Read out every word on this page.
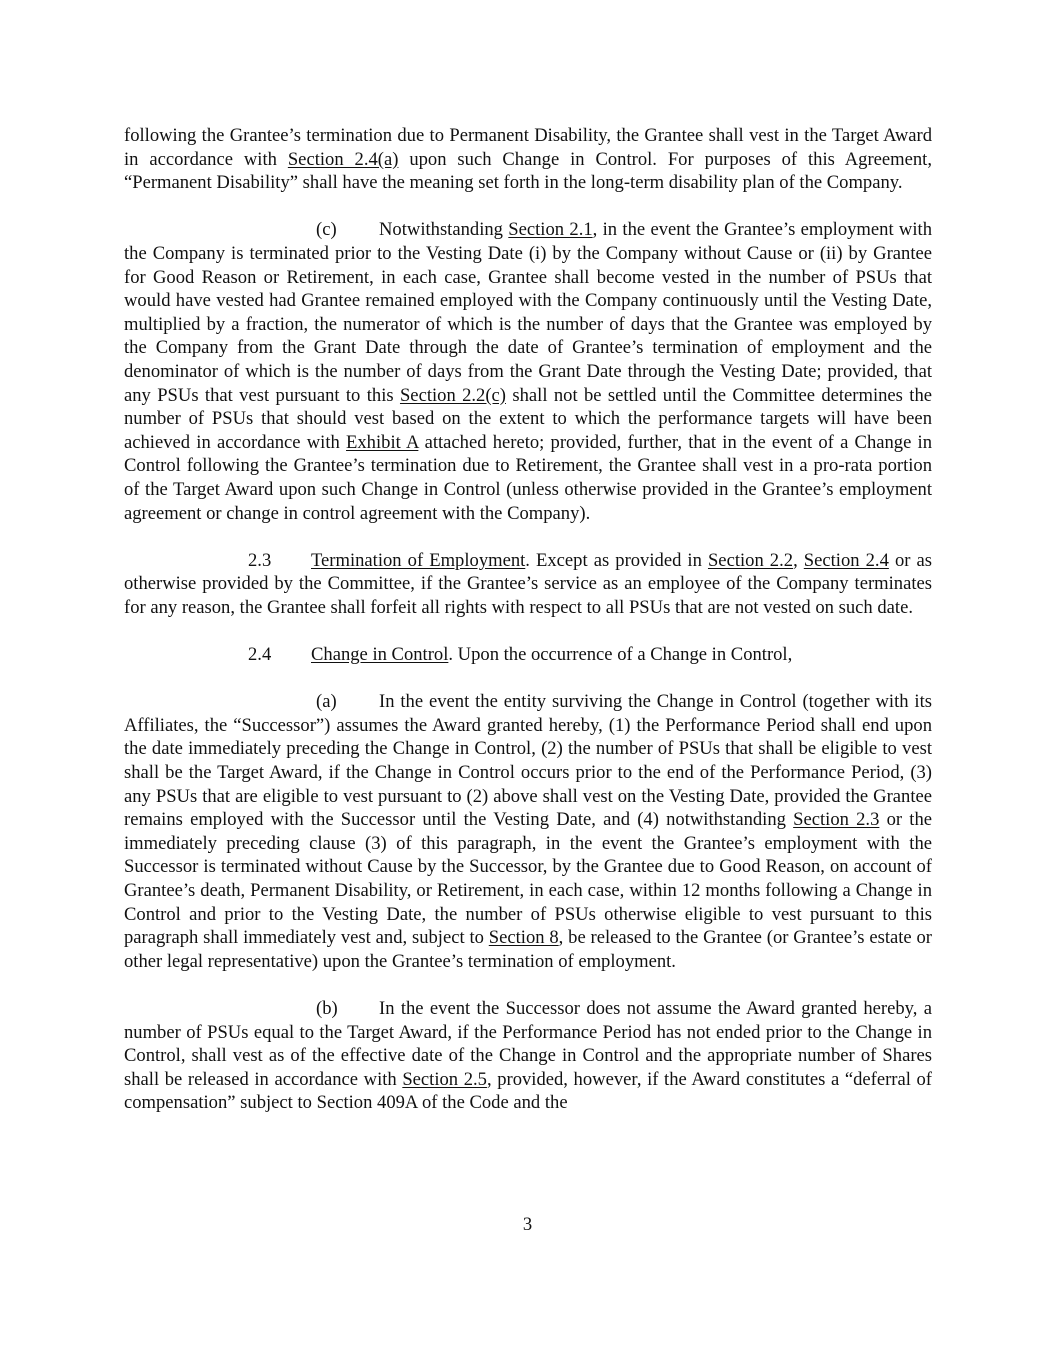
following the Grantee’s termination due to Permanent Disability, the Grantee shall vest in the Target Award in accordance with Section 2.4(a) upon such Change in Control. For purposes of this Agreement, “Permanent Disability” shall have the meaning set forth in the long-term disability plan of the Company.

(c) Notwithstanding Section 2.1, in the event the Grantee’s employment with the Company is terminated prior to the Vesting Date (i) by the Company without Cause or (ii) by Grantee for Good Reason or Retirement, in each case, Grantee shall become vested in the number of PSUs that would have vested had Grantee remained employed with the Company continuously until the Vesting Date, multiplied by a fraction, the numerator of which is the number of days that the Grantee was employed by the Company from the Grant Date through the date of Grantee’s termination of employment and the denominator of which is the number of days from the Grant Date through the Vesting Date; provided, that any PSUs that vest pursuant to this Section 2.2(c) shall not be settled until the Committee determines the number of PSUs that should vest based on the extent to which the performance targets will have been achieved in accordance with Exhibit A attached hereto; provided, further, that in the event of a Change in Control following the Grantee’s termination due to Retirement, the Grantee shall vest in a pro-rata portion of the Target Award upon such Change in Control (unless otherwise provided in the Grantee’s employment agreement or change in control agreement with the Company).

2.3 Termination of Employment. Except as provided in Section 2.2, Section 2.4 or as otherwise provided by the Committee, if the Grantee’s service as an employee of the Company terminates for any reason, the Grantee shall forfeit all rights with respect to all PSUs that are not vested on such date.

2.4 Change in Control. Upon the occurrence of a Change in Control,

(a) In the event the entity surviving the Change in Control (together with its Affiliates, the “Successor”) assumes the Award granted hereby, (1) the Performance Period shall end upon the date immediately preceding the Change in Control, (2) the number of PSUs that shall be eligible to vest shall be the Target Award, if the Change in Control occurs prior to the end of the Performance Period, (3) any PSUs that are eligible to vest pursuant to (2) above shall vest on the Vesting Date, provided the Grantee remains employed with the Successor until the Vesting Date, and (4) notwithstanding Section 2.3 or the immediately preceding clause (3) of this paragraph, in the event the Grantee’s employment with the Successor is terminated without Cause by the Successor, by the Grantee due to Good Reason, on account of Grantee’s death, Permanent Disability, or Retirement, in each case, within 12 months following a Change in Control and prior to the Vesting Date, the number of PSUs otherwise eligible to vest pursuant to this paragraph shall immediately vest and, subject to Section 8, be released to the Grantee (or Grantee’s estate or other legal representative) upon the Grantee’s termination of employment.

(b) In the event the Successor does not assume the Award granted hereby, a number of PSUs equal to the Target Award, if the Performance Period has not ended prior to the Change in Control, shall vest as of the effective date of the Change in Control and the appropriate number of Shares shall be released in accordance with Section 2.5, provided, however, if the Award constitutes a “deferral of compensation” subject to Section 409A of the Code and the

3
